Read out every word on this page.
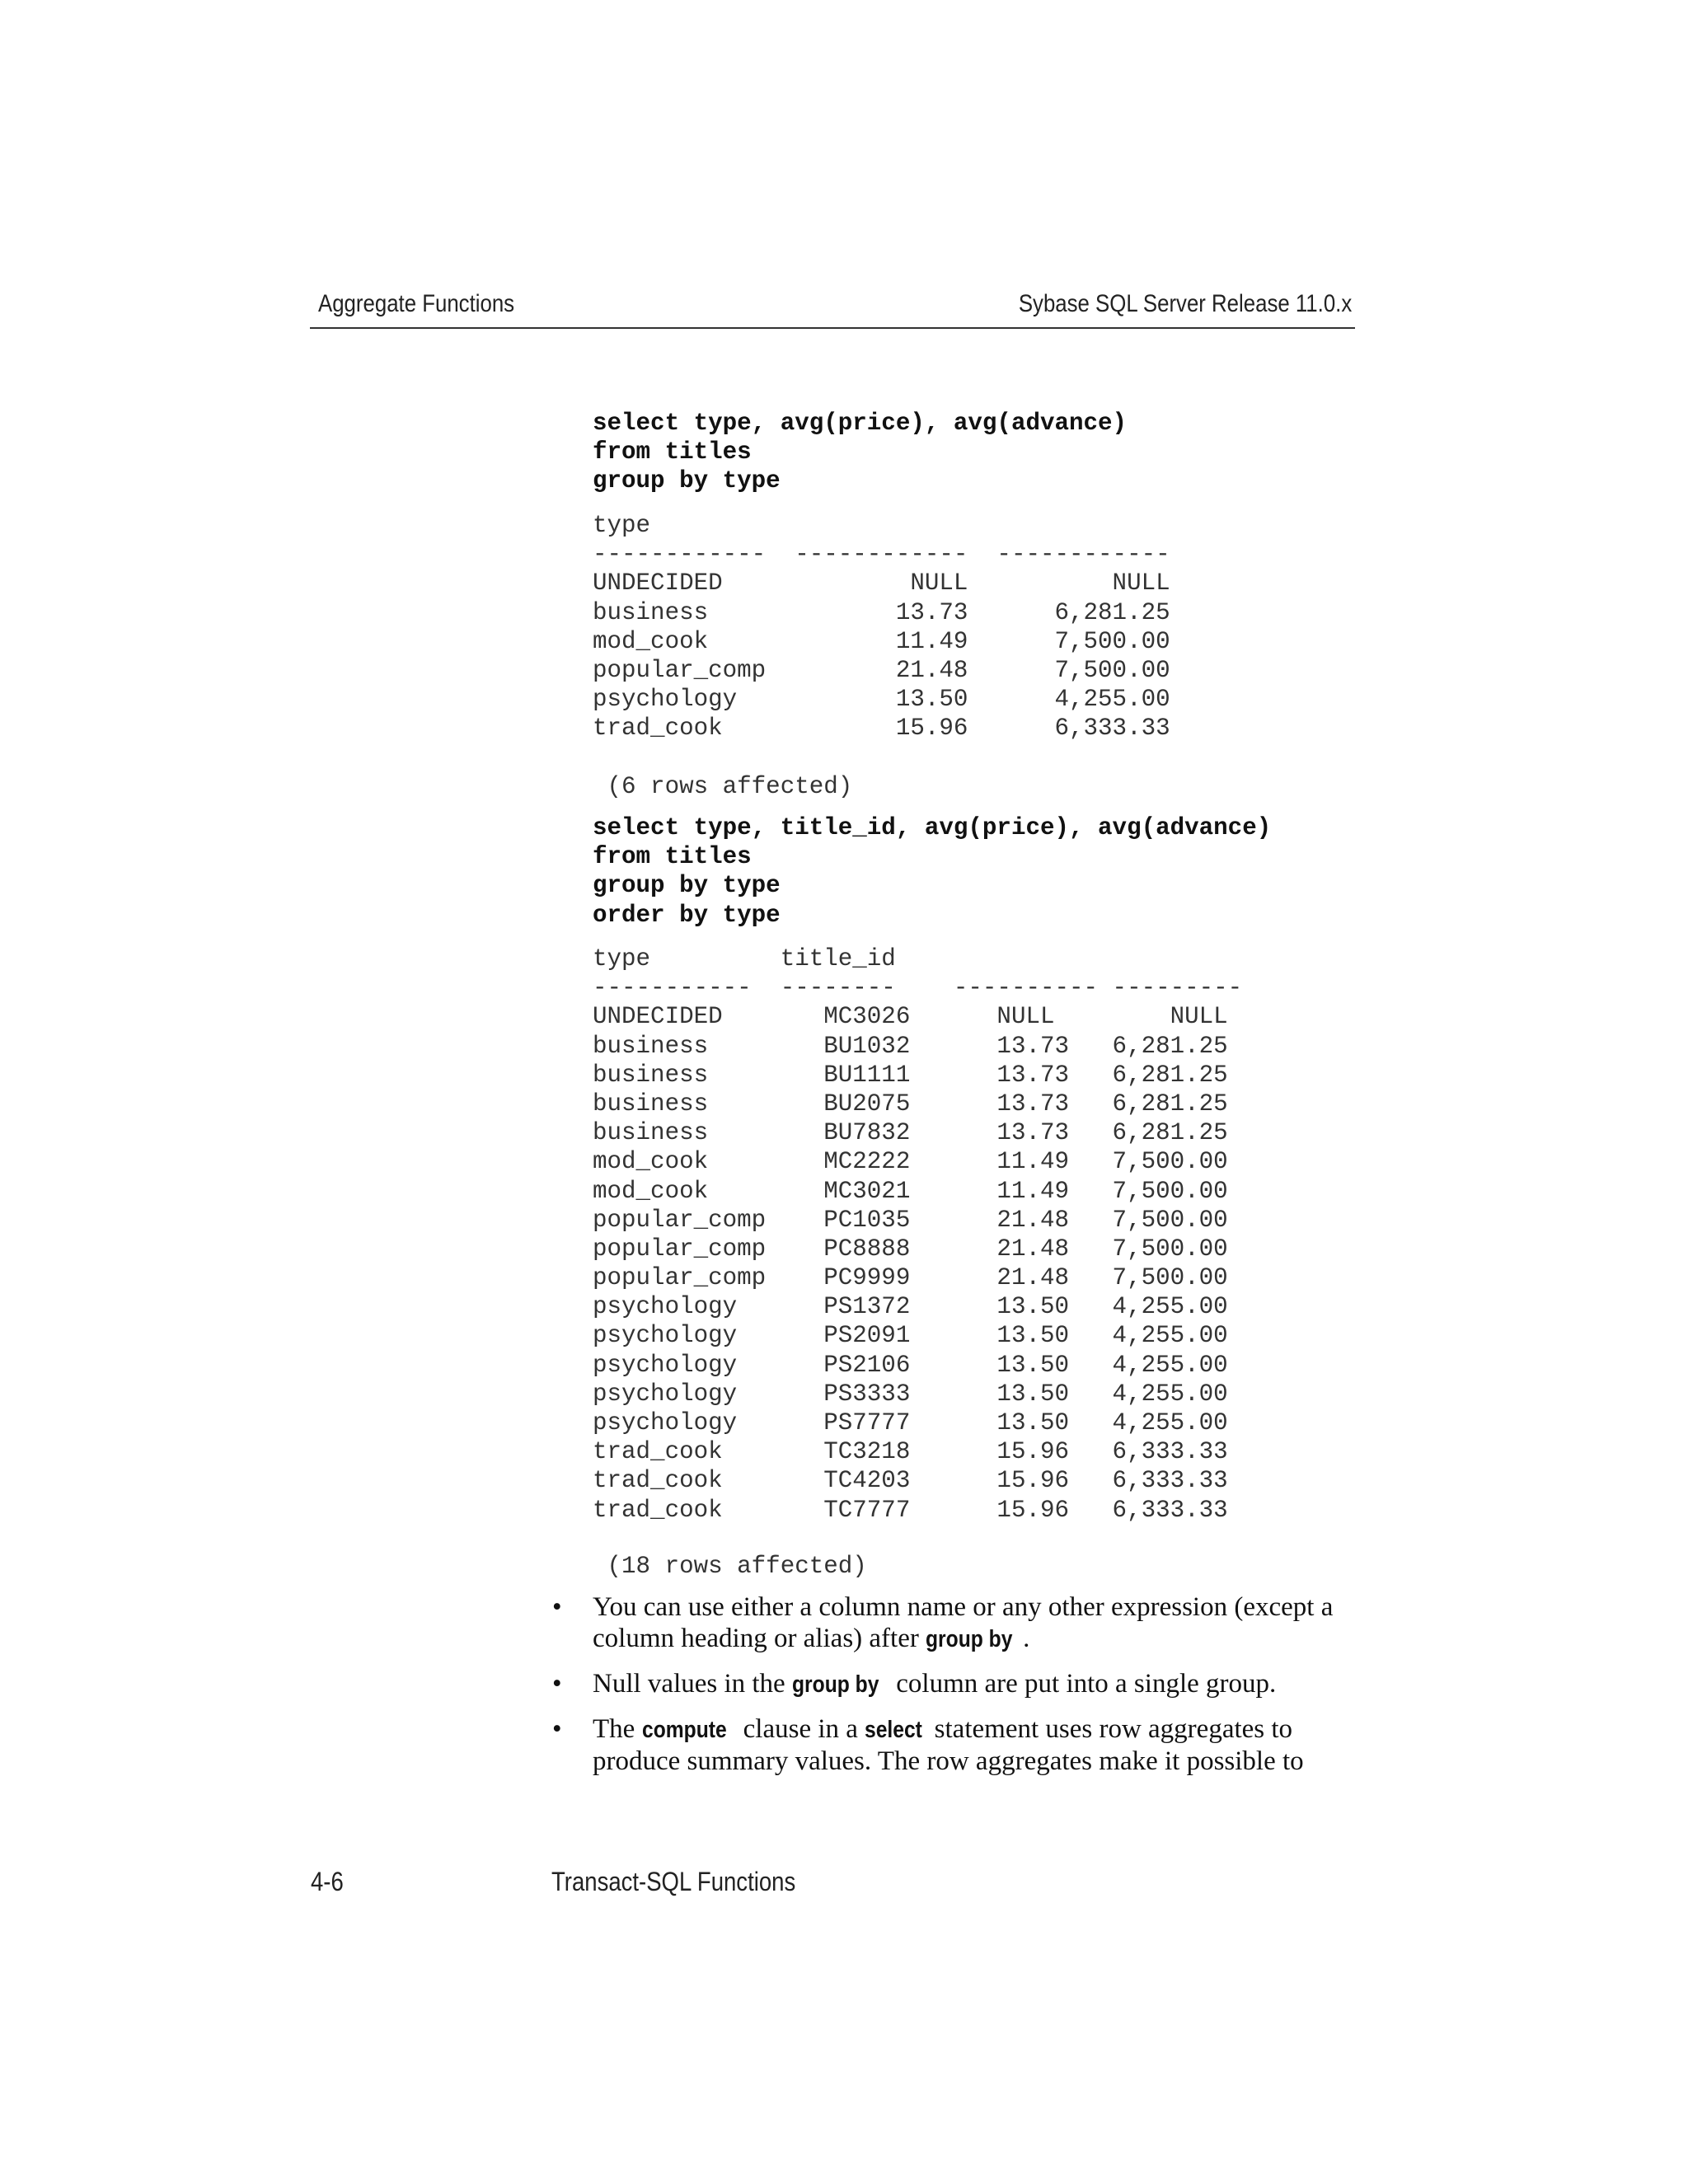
Aggregate Functions	Sybase SQL Server Release 11.0.x
select type, avg(price), avg(advance)
from titles
group by type
type
------------  ------------  ------------
UNDECIDED             NULL          NULL
business             13.73      6,281.25
mod_cook             11.49      7,500.00
popular_comp         21.48      7,500.00
psychology           13.50      4,255.00
trad_cook            15.96      6,333.33
(6 rows affected)
select type, title_id, avg(price), avg(advance)
from titles
group by type
order by type
type         title_id
-----------  --------    ---------- ---------
UNDECIDED       MC3026      NULL        NULL
business        BU1032      13.73   6,281.25
business        BU1111      13.73   6,281.25
business        BU2075      13.73   6,281.25
business        BU7832      13.73   6,281.25
mod_cook        MC2222      11.49   7,500.00
mod_cook        MC3021      11.49   7,500.00
popular_comp    PC1035      21.48   7,500.00
popular_comp    PC8888      21.48   7,500.00
popular_comp    PC9999      21.48   7,500.00
psychology      PS1372      13.50   4,255.00
psychology      PS2091      13.50   4,255.00
psychology      PS2106      13.50   4,255.00
psychology      PS3333      13.50   4,255.00
psychology      PS7777      13.50   4,255.00
trad_cook       TC3218      15.96   6,333.33
trad_cook       TC4203      15.96   6,333.33
trad_cook       TC7777      15.96   6,333.33
(18 rows affected)
• You can use either a column name or any other expression (except a column heading or alias) after group by .
• Null values in the group by column are put into a single group.
• The compute clause in a select statement uses row aggregates to produce summary values. The row aggregates make it possible to
4-6	Transact-SQL Functions
